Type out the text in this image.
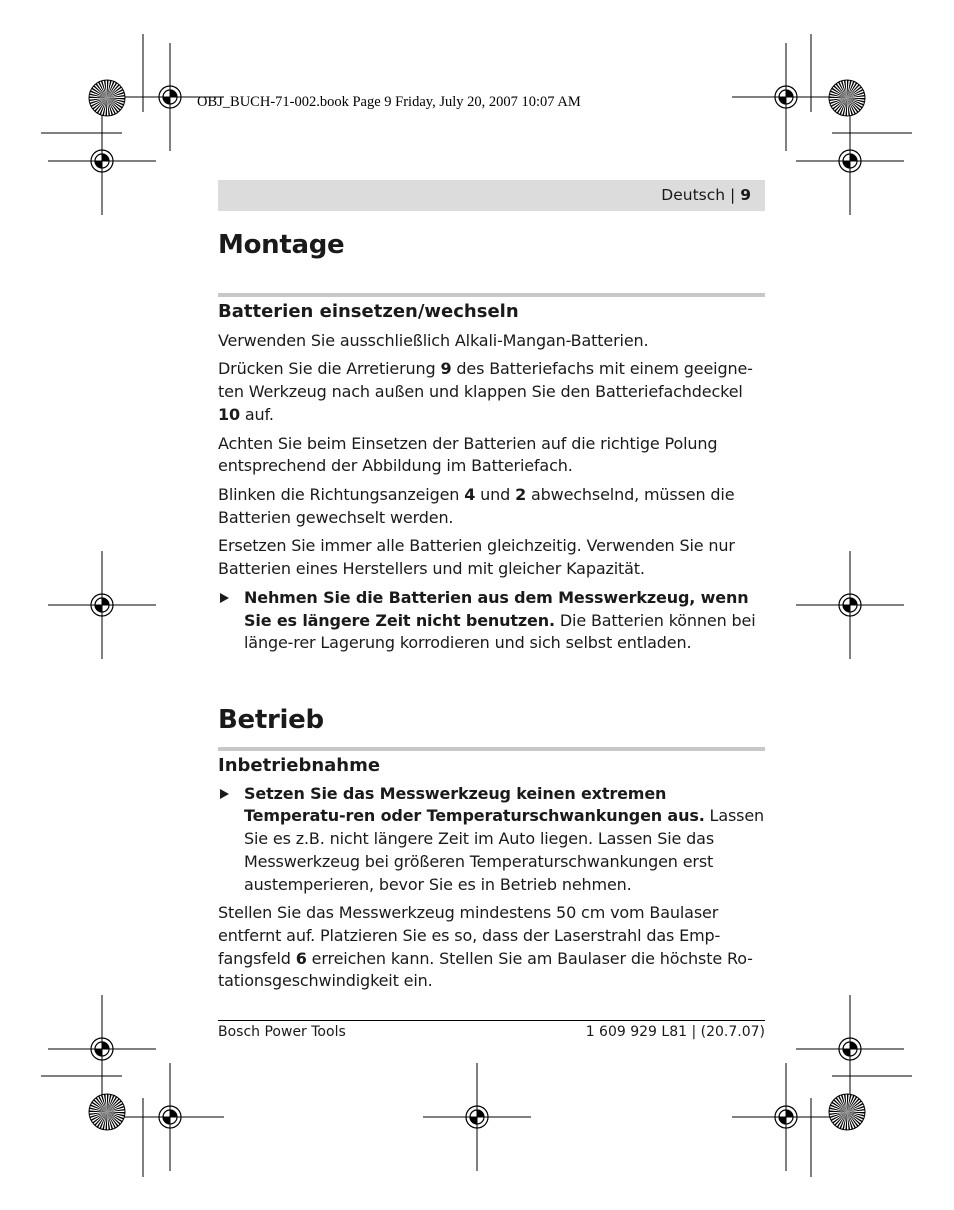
OBJ_BUCH-71-002.book Page 9 Friday, July 20, 2007 10:07 AM
Deutsch | 9
Montage
Batterien einsetzen/wechseln

Verwenden Sie ausschließlich Alkali-Mangan-Batterien.

Drücken Sie die Arretierung 9 des Batteriefachs mit einem geeigne-ten Werkzeug nach außen und klappen Sie den Batteriefachdeckel 10 auf.

Achten Sie beim Einsetzen der Batterien auf die richtige Polung entsprechend der Abbildung im Batteriefach.

Blinken die Richtungsanzeigen 4 und 2 abwechselnd, müssen die Batterien gewechselt werden.

Ersetzen Sie immer alle Batterien gleichzeitig. Verwenden Sie nur Batterien eines Herstellers und mit gleicher Kapazität.

Nehmen Sie die Batterien aus dem Messwerkzeug, wenn Sie es längere Zeit nicht benutzen. Die Batterien können bei länge-rer Lagerung korrodieren und sich selbst entladen.

Betrieb
Inbetriebnahme

Setzen Sie das Messwerkzeug keinen extremen Temperatu-ren oder Temperaturschwankungen aus. Lassen Sie es z.B. nicht längere Zeit im Auto liegen. Lassen Sie das Messwerkzeug bei größeren Temperaturschwankungen erst austemperieren, bevor Sie es in Betrieb nehmen.

Stellen Sie das Messwerkzeug mindestens 50 cm vom Baulaser entfernt auf. Platzieren Sie es so, dass der Laserstrahl das Emp-fangsfeld 6 erreichen kann. Stellen Sie am Baulaser die höchste Ro-tationsgeschwindigkeit ein.

Bosch Power Tools	1 609 929 L81 | (20.7.07)
